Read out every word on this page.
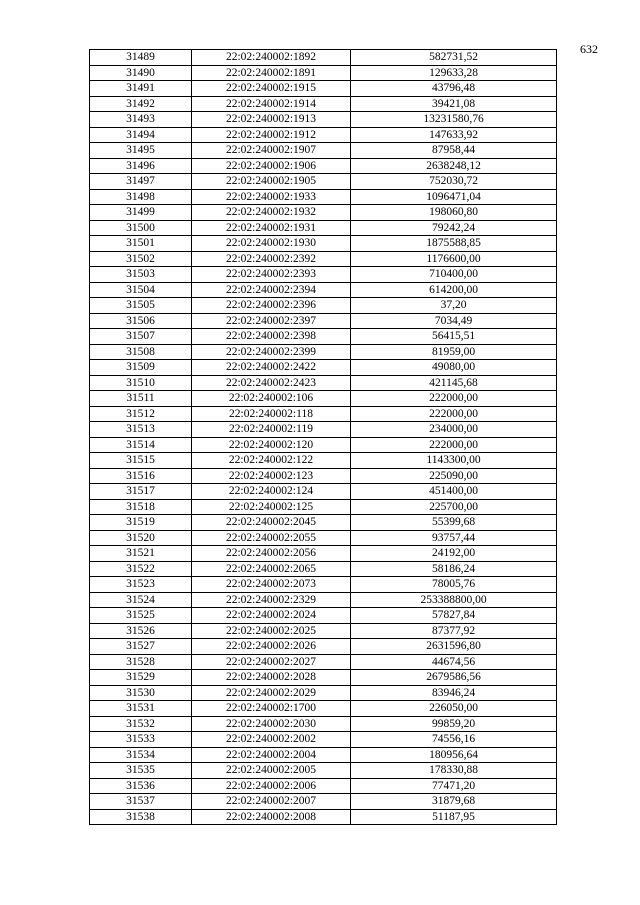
632
31489	22:02:240002:1892	582731,52
31490	22:02:240002:1891	129633,28
31491	22:02:240002:1915	43796,48
31492	22:02:240002:1914	39421,08
31493	22:02:240002:1913	13231580,76
31494	22:02:240002:1912	147633,92
31495	22:02:240002:1907	87958,44
31496	22:02:240002:1906	2638248,12
31497	22:02:240002:1905	752030,72
31498	22:02:240002:1933	1096471,04
31499	22:02:240002:1932	198060,80
31500	22:02:240002:1931	79242,24
31501	22:02:240002:1930	1875588,85
31502	22:02:240002:2392	1176600,00
31503	22:02:240002:2393	710400,00
31504	22:02:240002:2394	614200,00
31505	22:02:240002:2396	37,20
31506	22:02:240002:2397	7034,49
31507	22:02:240002:2398	56415,51
31508	22:02:240002:2399	81959,00
31509	22:02:240002:2422	49080,00
31510	22:02:240002:2423	421145,68
31511	22:02:240002:106	222000,00
31512	22:02:240002:118	222000,00
31513	22:02:240002:119	234000,00
31514	22:02:240002:120	222000,00
31515	22:02:240002:122	1143300,00
31516	22:02:240002:123	225090,00
31517	22:02:240002:124	451400,00
31518	22:02:240002:125	225700,00
31519	22:02:240002:2045	55399,68
31520	22:02:240002:2055	93757,44
31521	22:02:240002:2056	24192,00
31522	22:02:240002:2065	58186,24
31523	22:02:240002:2073	78005,76
31524	22:02:240002:2329	253388800,00
31525	22:02:240002:2024	57827,84
31526	22:02:240002:2025	87377,92
31527	22:02:240002:2026	2631596,80
31528	22:02:240002:2027	44674,56
31529	22:02:240002:2028	2679586,56
31530	22:02:240002:2029	83946,24
31531	22:02:240002:1700	226050,00
31532	22:02:240002:2030	99859,20
31533	22:02:240002:2002	74556,16
31534	22:02:240002:2004	180956,64
31535	22:02:240002:2005	178330,88
31536	22:02:240002:2006	77471,20
31537	22:02:240002:2007	31879,68
31538	22:02:240002:2008	51187,95
